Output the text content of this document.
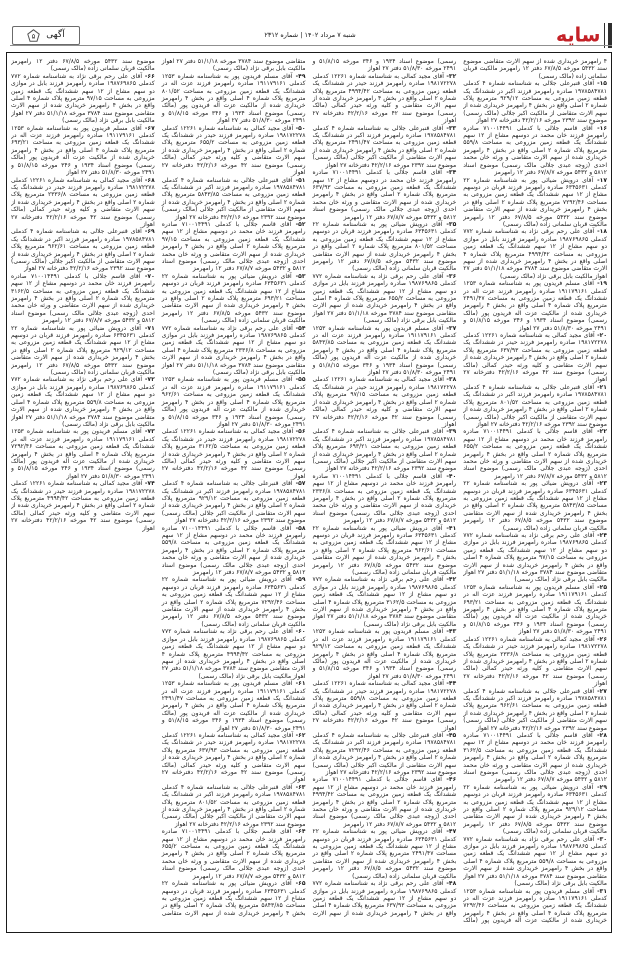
سایه
شنبه ۷ مرداد ۱۴۰۲ | شماره ۲۳۱۲
۵ آگهی

۴ رامهرمز خریداری شده از سهم الارث متقاضی موضوع سند ۵۴۳۲ مورخه ۶۷/۸/۵ دفتر ۱۲ رامهرمز مالکیت قربان سلمانی زاده (مالک رسمی)

۱۵- آقای قنبرعلی جلالی به شناسنامه شماره ۴ کدملی ۱۹۷۸۵۸۴۷۸۱ صادره رامهرمز فرزند اکبر در ششدانگ یک قطعه زمین مزروعی به مساحت ۹۲۹/۱۲ مترمربع پلاک شماره ۲ اصلی واقع در بخش ۴ رامهرمز خریداری شده از سهم الارث متقاضی از مالکیت اکبر جلالی (مالک رسمی) موضوع سند ۲۳۹۲ مورخه ۴۲/۲/۱۶ دفترخانه ۲۷ اهواز

۱۶- آقای قاسم جلالی با کدملی ۷۱۰۰۱۴۴۹۱ صادره رامهرمز فرزند خان محمد در دوسهم مشاع از ۱۲ سهم ششدانگ یک قطعه زمین مزروعی به مساحت ۵۵۹/۸ مترمربع پلاک شماره ۲ اصلی واقع در بخش ۴ رامهرمز خریداری شده از سهم الارث متقاضی و ورثه خان محمد احدی (زوجه عبدی جلالی مالک رسمی) موضوع اسناد ۵۸۱۲ و ۵۴۳۲ مورخه ۶۷/۸/۷ دفتر ۱۲ رامهرمز

۱۷- آقای درویش ضیائی پور به شناسنامه شماره ۲۲ کدملی ۶۳۴۵۶۳۱ صادره رامهرمز فرزند قربان در دوسهم مشاع از ۱۲ سهم ششدانگ یک قطعه زمین مزروعی به مساحت ۷۲۹۲/۴۶ مترمربع پلاک شماره ۲ اصلی واقع در بخش ۴ رامهرمز خریداری شده از سهم الارث متقاضی موضوع سند ۵۴۳۲ مورخه ۶۷/۸/۵ دفتر ۱۲ رامهرمز مالکیت قربان سلمانی زاده (مالک رسمی)

۱۸- آقای علی رحم برقی نژاد به شناسنامه شماره ۷۷۲ کدملی ۱۹۸۷۶۹۸۶۵ صادره رامهرمز فرزند بابل در موازی دو سهم مشاع از ۱۲ سهم ششدانگ یک قطعه زمین مزروعی به مساحت ۴۹۹۴/۴۲ مترمربع پلاک شماره ۴ اصلی واقع در بخش ۴ رامهرمز خریداری شده از سهم الارث متقاضی موضوع سند ۳۷۸۴ مورخه ۵۱/۱/۱۸ دفتر ۲۷ اهواز مالکیت بابل برقی نژاد (مالک رسمی)

۱۹- آقای مسلم فریدون پور به شناسنامه شماره ۱۲۵۳ کدملی ۱۹۱۱۷۹۱۶۱ صادره رامهرمز فرزند عزت اله در ششدانگ یک قطعه زمین مزروعی به مساحت ۲۴۹۱/۴۷ مترمربع پلاک شماره ۴ اصلی واقع در بخش ۴ رامهرمز خریداری شده از مالکیت عزت اله فریدون پور (مالک رسمی) موضوع اسناد ۱۹۳۴ و ۳۴۶ مورخه ۵۱/۸/۱۵ و ۲۴۹۱ مورخه ۵۱/۸/۳۰ دفتر ۲۷ اهواز

۲۰- آقای مجید کمالی به شناسنامه شماره ۱۲۲۶۱ کدملی ۱۹۸۱۷۲۲۷۸ صادره رامهرمز فرزند حیدر در ششدانگ یک قطعه زمین مزروعی به مساحت ۶۳۷/۹۳ مترمربع پلاک شماره ۲ اصلی واقع در بخش ۴ رامهرمز خریداری شده از سهم الارث متقاضی و کلیه ورثه حیدر کمالی (مالک رسمی) موضوع سند ۴۲ مورخه ۴۲/۲/۱۶ دفترخانه ۲۷ اهواز

۲۱- آقای قنبرعلی جلالی به شناسنامه شماره ۴ کدملی ۱۹۷۸۵۸۴۷۸۱ صادره رامهرمز فرزند اکبر در ششدانگ یک قطعه زمین مزروعی به مساحت ۸۰۱/۵۲ مترمربع پلاک شماره ۲ اصلی واقع در بخش ۴ رامهرمز خریداری شده از سهم الارث متقاضی از مالکیت اکبر جلالی (مالک رسمی) موضوع سند ۲۳۹۲ مورخه ۴۲/۲/۱۶ دفترخانه ۲۷ اهواز

۲۲- آقای قاسم جلالی با کدملی ۷۱۰۰۱۴۴۹۱ صادره رامهرمز فرزند خان محمد در دوسهم مشاع از ۱۲ سهم ششدانگ یک قطعه زمین مزروعی به مساحت ۶۵۵/۲ مترمربع پلاک شماره ۲ اصلی واقع در بخش ۴ رامهرمز خریداری شده از سهم الارث متقاضی و ورثه خان محمد احدی (زوجه عبدی جلالی مالک رسمی) موضوع اسناد ۵۸۱۲ و ۵۴۳۲ مورخه ۶۷/۸/۷ دفتر ۱۲ رامهرمز

۲۳- آقای درویش ضیائی پور به شناسنامه شماره ۲۲ کدملی ۶۳۴۵۶۳۱ صادره رامهرمز فرزند قربان در دوسهم مشاع از ۱۲ سهم ششدانگ یک قطعه زمین مزروعی به مساحت ۵۸۴۳/۸۵ مترمربع پلاک شماره ۲ اصلی واقع در بخش ۴ رامهرمز خریداری شده از سهم الارث متقاضی موضوع سند ۵۴۳۲ مورخه ۶۷/۸/۵ دفتر ۱۲ رامهرمز مالکیت قربان سلمانی زاده (مالک رسمی)

۲۴- آقای علی رحم برقی نژاد به شناسنامه شماره ۷۷۲ کدملی ۱۹۸۷۶۹۸۶۵ صادره رامهرمز فرزند بابل در موازی دو سهم مشاع از ۱۲ سهم ششدانگ یک قطعه زمین مزروعی به مساحت ۹۷/۱۵ مترمربع پلاک شماره ۴ اصلی واقع در بخش ۴ رامهرمز خریداری شده از سهم الارث متقاضی موضوع سند ۳۷۸۴ مورخه ۵۱/۱/۱۸ دفتر ۲۷ اهواز مالکیت بابل برقی نژاد (مالک رسمی)

۲۵- آقای مسلم فریدون پور به شناسنامه شماره ۱۲۵۳ کدملی ۱۹۱۱۷۹۱۶۱ صادره رامهرمز فرزند عزت اله در ششدانگ یک قطعه زمین مزروعی به مساحت ۶۹۳/۲۱ مترمربع پلاک شماره ۴ اصلی واقع در بخش ۴ رامهرمز خریداری شده از مالکیت عزت اله فریدون پور (مالک رسمی) موضوع اسناد ۱۹۳۴ و ۳۴۶ مورخه ۵۱/۸/۱۵ و ۲۴۹۱ مورخه ۵۱/۸/۳۰ دفتر ۲۷ اهواز

۲۶- آقای مجید کمالی به شناسنامه شماره ۱۲۲۶۱ کدملی ۱۹۸۱۷۲۲۷۸ صادره رامهرمز فرزند حیدر در ششدانگ یک قطعه زمین مزروعی به مساحت ۲۳۳۶/۸ مترمربع پلاک شماره ۲ اصلی واقع در بخش ۴ رامهرمز خریداری شده از سهم الارث متقاضی و کلیه ورثه حیدر کمالی (مالک رسمی) موضوع سند ۴۲ مورخه ۴۲/۲/۱۶ دفترخانه ۲۷ اهواز

۲۷- آقای قنبرعلی جلالی به شناسنامه شماره ۴ کدملی ۱۹۷۸۵۸۴۷۸۱ صادره رامهرمز فرزند اکبر در ششدانگ یک قطعه زمین مزروعی به مساحت ۹۶۲/۶۱ مترمربع پلاک شماره ۲ اصلی واقع در بخش ۴ رامهرمز خریداری شده از سهم الارث متقاضی از مالکیت اکبر جلالی (مالک رسمی) موضوع سند ۲۳۹۲ مورخه ۴۲/۲/۱۶ دفترخانه ۲۷ اهواز

۲۸- آقای قاسم جلالی با کدملی ۷۱۰۰۱۴۴۹۱ صادره رامهرمز فرزند خان محمد در دوسهم مشاع از ۱۲ سهم ششدانگ یک قطعه زمین مزروعی به مساحت ۳۱۶۲/۵ مترمربع پلاک شماره ۲ اصلی واقع در بخش ۴ رامهرمز خریداری شده از سهم الارث متقاضی و ورثه خان محمد احدی (زوجه عبدی جلالی مالک رسمی) موضوع اسناد ۵۸۱۲ و ۵۴۳۲ مورخه ۶۷/۸/۷ دفتر ۱۲ رامهرمز

۲۹- آقای درویش ضیائی پور به شناسنامه شماره ۲۲ کدملی ۶۳۴۵۶۳۱ صادره رامهرمز فرزند قربان در دوسهم مشاع از ۱۲ سهم ششدانگ یک قطعه زمین مزروعی به مساحت ۹۲۹/۱۲ مترمربع پلاک شماره ۲ اصلی واقع در بخش ۴ رامهرمز خریداری شده از سهم الارث متقاضی موضوع سند ۵۴۳۲ مورخه ۶۷/۸/۵ دفتر ۱۲ رامهرمز مالکیت قربان سلمانی زاده (مالک رسمی)

۳۰- آقای علی رحم برقی نژاد به شناسنامه شماره ۷۷۲ کدملی ۱۹۸۷۶۹۸۶۵ صادره رامهرمز فرزند بابل در موازی دو سهم مشاع از ۱۲ سهم ششدانگ یک قطعه زمین مزروعی به مساحت ۵۵۹/۸ مترمربع پلاک شماره ۴ اصلی واقع در بخش ۴ رامهرمز خریداری شده از سهم الارث متقاضی موضوع سند ۳۷۸۴ مورخه ۵۱/۱/۱۸ دفتر ۲۷ اهواز مالکیت بابل برقی نژاد (مالک رسمی)

۳۱- آقای مسلم فریدون پور به شناسنامه شماره ۱۲۵۳ کدملی ۱۹۱۱۷۹۱۶۱ صادره رامهرمز فرزند عزت اله در ششدانگ یک قطعه زمین مزروعی به مساحت ۷۲۹۲/۴۶ مترمربع پلاک شماره ۴ اصلی واقع در بخش ۴ رامهرمز خریداری شده از مالکیت عزت اله فریدون پور (مالک رسمی) موضوع اسناد ۱۹۳۴ و ۳۴۶ مورخه ۵۱/۸/۱۵ و ۲۴۹۱ مورخه ۵۱/۸/۳۰ دفتر ۲۷ اهواز

۳۲- آقای مجید کمالی به شناسنامه شماره ۱۲۲۶۱ کدملی ۱۹۸۱۷۲۲۷۸ صادره رامهرمز فرزند حیدر در ششدانگ یک قطعه زمین مزروعی به مساحت ۴۹۹۴/۴۲ مترمربع پلاک شماره ۲ اصلی واقع در بخش ۴ رامهرمز خریداری شده از سهم الارث متقاضی و کلیه ورثه حیدر کمالی (مالک رسمی) موضوع سند ۴۲ مورخه ۴۲/۲/۱۶ دفترخانه ۲۷ اهواز

۳۳- آقای قنبرعلی جلالی به شناسنامه شماره ۴ کدملی ۱۹۷۸۵۸۴۷۸۱ صادره رامهرمز فرزند اکبر در ششدانگ یک قطعه زمین مزروعی به مساحت ۲۴۹۱/۴۷ مترمربع پلاک شماره ۲ اصلی واقع در بخش ۴ رامهرمز خریداری شده از سهم الارث متقاضی از مالکیت اکبر جلالی (مالک رسمی) موضوع سند ۲۳۹۲ مورخه ۴۲/۲/۱۶ دفترخانه ۲۷ اهواز

۳۴- آقای قاسم جلالی با کدملی ۷۱۰۰۱۴۴۹۱ صادره رامهرمز فرزند خان محمد در دوسهم مشاع از ۱۲ سهم ششدانگ یک قطعه زمین مزروعی به مساحت ۶۳۷/۹۳ مترمربع پلاک شماره ۲ اصلی واقع در بخش ۴ رامهرمز خریداری شده از سهم الارث متقاضی و ورثه خان محمد احدی (زوجه عبدی جلالی مالک رسمی) موضوع اسناد ۵۸۱۲ و ۵۴۳۲ مورخه ۶۷/۸/۷ دفتر ۱۲ رامهرمز

۳۵- آقای درویش ضیائی پور به شناسنامه شماره ۲۲ کدملی ۶۳۴۵۶۳۱ صادره رامهرمز فرزند قربان در دوسهم مشاع از ۱۲ سهم ششدانگ یک قطعه زمین مزروعی به مساحت ۸۰۱/۵۲ مترمربع پلاک شماره ۲ اصلی واقع در بخش ۴ رامهرمز خریداری شده از سهم الارث متقاضی موضوع سند ۵۴۳۲ مورخه ۶۷/۸/۵ دفتر ۱۲ رامهرمز مالکیت قربان سلمانی زاده (مالک رسمی)

۳۶- آقای علی رحم برقی نژاد به شناسنامه شماره ۷۷۲ کدملی ۱۹۸۷۶۹۸۶۵ صادره رامهرمز فرزند بابل در موازی دو سهم مشاع از ۱۲ سهم ششدانگ یک قطعه زمین مزروعی به مساحت ۶۵۵/۲ مترمربع پلاک شماره ۴ اصلی واقع در بخش ۴ رامهرمز خریداری شده از سهم الارث متقاضی موضوع سند ۳۷۸۴ مورخه ۵۱/۱/۱۸ دفتر ۲۷ اهواز مالکیت بابل برقی نژاد (مالک رسمی)

۳۷- آقای مسلم فریدون پور به شناسنامه شماره ۱۲۵۳ کدملی ۱۹۱۱۷۹۱۶۱ صادره رامهرمز فرزند عزت اله در ششدانگ یک قطعه زمین مزروعی به مساحت ۵۸۴۳/۸۵ مترمربع پلاک شماره ۴ اصلی واقع در بخش ۴ رامهرمز خریداری شده از مالکیت عزت اله فریدون پور (مالک رسمی) موضوع اسناد ۱۹۳۴ و ۳۴۶ مورخه ۵۱/۸/۱۵ و ۲۴۹۱ مورخه ۵۱/۸/۳۰ دفتر ۲۷ اهواز

۳۸- آقای مجید کمالی به شناسنامه شماره ۱۲۲۶۱ کدملی ۱۹۸۱۷۲۲۷۸ صادره رامهرمز فرزند حیدر در ششدانگ یک قطعه زمین مزروعی به مساحت ۹۷/۱۵ مترمربع پلاک شماره ۲ اصلی واقع در بخش ۴ رامهرمز خریداری شده از سهم الارث متقاضی و کلیه ورثه حیدر کمالی (مالک رسمی) موضوع سند ۴۲ مورخه ۴۲/۲/۱۶ دفترخانه ۲۷ اهواز

۳۹- آقای قنبرعلی جلالی به شناسنامه شماره ۴ کدملی ۱۹۷۸۵۸۴۷۸۱ صادره رامهرمز فرزند اکبر در ششدانگ یک قطعه زمین مزروعی به مساحت ۶۹۳/۲۱ مترمربع پلاک شماره ۲ اصلی واقع در بخش ۴ رامهرمز خریداری شده از سهم الارث متقاضی از مالکیت اکبر جلالی (مالک رسمی) موضوع سند ۲۳۹۲ مورخه ۴۲/۲/۱۶ دفترخانه ۲۷ اهواز

۴۰- آقای قاسم جلالی با کدملی ۷۱۰۰۱۴۴۹۱ صادره رامهرمز فرزند خان محمد در دوسهم مشاع از ۱۲ سهم ششدانگ یک قطعه زمین مزروعی به مساحت ۲۳۳۶/۸ مترمربع پلاک شماره ۲ اصلی واقع در بخش ۴ رامهرمز خریداری شده از سهم الارث متقاضی و ورثه خان محمد احدی (زوجه عبدی جلالی مالک رسمی) موضوع اسناد ۵۸۱۲ و ۵۴۳۲ مورخه ۶۷/۸/۷ دفتر ۱۲ رامهرمز

۴۱- آقای درویش ضیائی پور به شناسنامه شماره ۲۲ کدملی ۶۳۴۵۶۳۱ صادره رامهرمز فرزند قربان در دوسهم مشاع از ۱۲ سهم ششدانگ یک قطعه زمین مزروعی به مساحت ۹۶۲/۶۱ مترمربع پلاک شماره ۲ اصلی واقع در بخش ۴ رامهرمز خریداری شده از سهم الارث متقاضی موضوع سند ۵۴۳۲ مورخه ۶۷/۸/۵ دفتر ۱۲ رامهرمز مالکیت قربان سلمانی زاده (مالک رسمی)

۴۲- آقای علی رحم برقی نژاد به شناسنامه شماره ۷۷۲ کدملی ۱۹۸۷۶۹۸۶۵ صادره رامهرمز فرزند بابل در موازی دو سهم مشاع از ۱۲ سهم ششدانگ یک قطعه زمین مزروعی به مساحت ۳۱۶۲/۵ مترمربع پلاک شماره ۴ اصلی واقع در بخش ۴ رامهرمز خریداری شده از سهم الارث متقاضی موضوع سند ۳۷۸۴ مورخه ۵۱/۱/۱۸ دفتر ۲۷ اهواز مالکیت بابل برقی نژاد (مالک رسمی)

۴۳- آقای مسلم فریدون پور به شناسنامه شماره ۱۲۵۳ کدملی ۱۹۱۱۷۹۱۶۱ صادره رامهرمز فرزند عزت اله در ششدانگ یک قطعه زمین مزروعی به مساحت ۹۲۹/۱۲ مترمربع پلاک شماره ۴ اصلی واقع در بخش ۴ رامهرمز خریداری شده از مالکیت عزت اله فریدون پور (مالک رسمی) موضوع اسناد ۱۹۳۴ و ۳۴۶ مورخه ۵۱/۸/۱۵ و ۲۴۹۱ مورخه ۵۱/۸/۳۰ دفتر ۲۷ اهواز

۴۴- آقای مجید کمالی به شناسنامه شماره ۱۲۲۶۱ کدملی ۱۹۸۱۷۲۲۷۸ صادره رامهرمز فرزند حیدر در ششدانگ یک قطعه زمین مزروعی به مساحت ۵۵۹/۸ مترمربع پلاک شماره ۲ اصلی واقع در بخش ۴ رامهرمز خریداری شده از سهم الارث متقاضی و کلیه ورثه حیدر کمالی (مالک رسمی) موضوع سند ۴۲ مورخه ۴۲/۲/۱۶ دفترخانه ۲۷ اهواز

۴۵- آقای قنبرعلی جلالی به شناسنامه شماره ۴ کدملی ۱۹۷۸۵۸۴۷۸۱ صادره رامهرمز فرزند اکبر در ششدانگ یک قطعه زمین مزروعی به مساحت ۷۲۹۲/۴۶ مترمربع پلاک شماره ۲ اصلی واقع در بخش ۴ رامهرمز خریداری شده از سهم الارث متقاضی از مالکیت اکبر جلالی (مالک رسمی) موضوع سند ۲۳۹۲ مورخه ۴۲/۲/۱۶ دفترخانه ۲۷ اهواز

۴۶- آقای قاسم جلالی با کدملی ۷۱۰۰۱۴۴۹۱ صادره رامهرمز فرزند خان محمد در دوسهم مشاع از ۱۲ سهم ششدانگ یک قطعه زمین مزروعی به مساحت ۴۹۹۴/۴۲ مترمربع پلاک شماره ۲ اصلی واقع در بخش ۴ رامهرمز خریداری شده از سهم الارث متقاضی و ورثه خان محمد احدی (زوجه عبدی جلالی مالک رسمی) موضوع اسناد ۵۸۱۲ و ۵۴۳۲ مورخه ۶۷/۸/۷ دفتر ۱۲ رامهرمز

۴۷- آقای درویش ضیائی پور به شناسنامه شماره ۲۲ کدملی ۶۳۴۵۶۳۱ صادره رامهرمز فرزند قربان در دوسهم مشاع از ۱۲ سهم ششدانگ یک قطعه زمین مزروعی به مساحت ۲۴۹۱/۴۷ مترمربع پلاک شماره ۲ اصلی واقع در بخش ۴ رامهرمز خریداری شده از سهم الارث متقاضی موضوع سند ۵۴۳۲ مورخه ۶۷/۸/۵ دفتر ۱۲ رامهرمز مالکیت قربان سلمانی زاده (مالک رسمی)

۴۸- آقای علی رحم برقی نژاد به شناسنامه شماره ۷۷۲ کدملی ۱۹۸۷۶۹۸۶۵ صادره رامهرمز فرزند بابل در موازی دو سهم مشاع از ۱۲ سهم ششدانگ یک قطعه زمین مزروعی به مساحت ۶۳۷/۹۳ مترمربع پلاک شماره ۴ اصلی واقع در بخش ۴ رامهرمز خریداری شده از سهم الارث متقاضی موضوع سند ۳۷۸۴ مورخه ۵۱/۱/۱۸ دفتر ۲۷ اهواز مالکیت بابل برقی نژاد (مالک رسمی)

۴۹- آقای مسلم فریدون پور به شناسنامه شماره ۱۲۵۳ کدملی ۱۹۱۱۷۹۱۶۱ صادره رامهرمز فرزند عزت اله در ششدانگ یک قطعه زمین مزروعی به مساحت ۸۰۱/۵۲ مترمربع پلاک شماره ۴ اصلی واقع در بخش ۴ رامهرمز خریداری شده از مالکیت عزت اله فریدون پور (مالک رسمی) موضوع اسناد ۱۹۳۴ و ۳۴۶ مورخه ۵۱/۸/۱۵ و ۲۴۹۱ مورخه ۵۱/۸/۳۰ دفتر ۲۷ اهواز

۵۰- آقای مجید کمالی به شناسنامه شماره ۱۲۲۶۱ کدملی ۱۹۸۱۷۲۲۷۸ صادره رامهرمز فرزند حیدر در ششدانگ یک قطعه زمین مزروعی به مساحت ۶۵۵/۲ مترمربع پلاک شماره ۲ اصلی واقع در بخش ۴ رامهرمز خریداری شده از سهم الارث متقاضی و کلیه ورثه حیدر کمالی (مالک رسمی) موضوع سند ۴۲ مورخه ۴۲/۲/۱۶ دفترخانه ۲۷ اهواز

۵۱- آقای قنبرعلی جلالی به شناسنامه شماره ۴ کدملی ۱۹۷۸۵۸۴۷۸۱ صادره رامهرمز فرزند اکبر در ششدانگ یک قطعه زمین مزروعی به مساحت ۵۸۴۳/۸۵ مترمربع پلاک شماره ۲ اصلی واقع در بخش ۴ رامهرمز خریداری شده از سهم الارث متقاضی از مالکیت اکبر جلالی (مالک رسمی) موضوع سند ۲۳۹۲ مورخه ۴۲/۲/۱۶ دفترخانه ۲۷ اهواز

۵۲- آقای قاسم جلالی با کدملی ۷۱۰۰۱۴۴۹۱ صادره رامهرمز فرزند خان محمد در دوسهم مشاع از ۱۲ سهم ششدانگ یک قطعه زمین مزروعی به مساحت ۹۷/۱۵ مترمربع پلاک شماره ۲ اصلی واقع در بخش ۴ رامهرمز خریداری شده از سهم الارث متقاضی و ورثه خان محمد احدی (زوجه عبدی جلالی مالک رسمی) موضوع اسناد ۵۸۱۲ و ۵۴۳۲ مورخه ۶۷/۸/۷ دفتر ۱۲ رامهرمز

۵۳- آقای درویش ضیائی پور به شناسنامه شماره ۲۲ کدملی ۶۳۴۵۶۳۱ صادره رامهرمز فرزند قربان در دوسهم مشاع از ۱۲ سهم ششدانگ یک قطعه زمین مزروعی به مساحت ۶۹۳/۲۱ مترمربع پلاک شماره ۲ اصلی واقع در بخش ۴ رامهرمز خریداری شده از سهم الارث متقاضی موضوع سند ۵۴۳۲ مورخه ۶۷/۸/۵ دفتر ۱۲ رامهرمز مالکیت قربان سلمانی زاده (مالک رسمی)

۵۴- آقای علی رحم برقی نژاد به شناسنامه شماره ۷۷۲ کدملی ۱۹۸۷۶۹۸۶۵ صادره رامهرمز فرزند بابل در موازی دو سهم مشاع از ۱۲ سهم ششدانگ یک قطعه زمین مزروعی به مساحت ۲۳۳۶/۸ مترمربع پلاک شماره ۴ اصلی واقع در بخش ۴ رامهرمز خریداری شده از سهم الارث متقاضی موضوع سند ۳۷۸۴ مورخه ۵۱/۱/۱۸ دفتر ۲۷ اهواز مالکیت بابل برقی نژاد (مالک رسمی)

۵۵- آقای مسلم فریدون پور به شناسنامه شماره ۱۲۵۳ کدملی ۱۹۱۱۷۹۱۶۱ صادره رامهرمز فرزند عزت اله در ششدانگ یک قطعه زمین مزروعی به مساحت ۹۶۲/۶۱ مترمربع پلاک شماره ۴ اصلی واقع در بخش ۴ رامهرمز خریداری شده از مالکیت عزت اله فریدون پور (مالک رسمی) موضوع اسناد ۱۹۳۴ و ۳۴۶ مورخه ۵۱/۸/۱۵ و ۲۴۹۱ مورخه ۵۱/۸/۳۰ دفتر ۲۷ اهواز

۵۶- آقای مجید کمالی به شناسنامه شماره ۱۲۲۶۱ کدملی ۱۹۸۱۷۲۲۷۸ صادره رامهرمز فرزند حیدر در ششدانگ یک قطعه زمین مزروعی به مساحت ۳۱۶۲/۵ مترمربع پلاک شماره ۲ اصلی واقع در بخش ۴ رامهرمز خریداری شده از سهم الارث متقاضی و کلیه ورثه حیدر کمالی (مالک رسمی) موضوع سند ۴۲ مورخه ۴۲/۲/۱۶ دفترخانه ۲۷ اهواز

۵۷- آقای قنبرعلی جلالی به شناسنامه شماره ۴ کدملی ۱۹۷۸۵۸۴۷۸۱ صادره رامهرمز فرزند اکبر در ششدانگ یک قطعه زمین مزروعی به مساحت ۹۲۹/۱۲ مترمربع پلاک شماره ۲ اصلی واقع در بخش ۴ رامهرمز خریداری شده از سهم الارث متقاضی از مالکیت اکبر جلالی (مالک رسمی) موضوع سند ۲۳۹۲ مورخه ۴۲/۲/۱۶ دفترخانه ۲۷ اهواز

۵۸- آقای قاسم جلالی با کدملی ۷۱۰۰۱۴۴۹۱ صادره رامهرمز فرزند خان محمد در دوسهم مشاع از ۱۲ سهم ششدانگ یک قطعه زمین مزروعی به مساحت ۵۵۹/۸ مترمربع پلاک شماره ۲ اصلی واقع در بخش ۴ رامهرمز خریداری شده از سهم الارث متقاضی و ورثه خان محمد احدی (زوجه عبدی جلالی مالک رسمی) موضوع اسناد ۵۸۱۲ و ۵۴۳۲ مورخه ۶۷/۸/۷ دفتر ۱۲ رامهرمز

۵۹- آقای درویش ضیائی پور به شناسنامه شماره ۲۲ کدملی ۶۳۴۵۶۳۱ صادره رامهرمز فرزند قربان در دوسهم مشاع از ۱۲ سهم ششدانگ یک قطعه زمین مزروعی به مساحت ۷۲۹۲/۴۶ مترمربع پلاک شماره ۲ اصلی واقع در بخش ۴ رامهرمز خریداری شده از سهم الارث متقاضی موضوع سند ۵۴۳۲ مورخه ۶۷/۸/۵ دفتر ۱۲ رامهرمز مالکیت قربان سلمانی زاده (مالک رسمی)

۶۰- آقای علی رحم برقی نژاد به شناسنامه شماره ۷۷۲ کدملی ۱۹۸۷۶۹۸۶۵ صادره رامهرمز فرزند بابل در موازی دو سهم مشاع از ۱۲ سهم ششدانگ یک قطعه زمین مزروعی به مساحت ۴۹۹۴/۴۲ مترمربع پلاک شماره ۴ اصلی واقع در بخش ۴ رامهرمز خریداری شده از سهم الارث متقاضی موضوع سند ۳۷۸۴ مورخه ۵۱/۱/۱۸ دفتر ۲۷ اهواز مالکیت بابل برقی نژاد (مالک رسمی)

۶۱- آقای مسلم فریدون پور به شناسنامه شماره ۱۲۵۳ کدملی ۱۹۱۱۷۹۱۶۱ صادره رامهرمز فرزند عزت اله در ششدانگ یک قطعه زمین مزروعی به مساحت ۲۴۹۱/۴۷ مترمربع پلاک شماره ۴ اصلی واقع در بخش ۴ رامهرمز خریداری شده از مالکیت عزت اله فریدون پور (مالک رسمی) موضوع اسناد ۱۹۳۴ و ۳۴۶ مورخه ۵۱/۸/۱۵ و ۲۴۹۱ مورخه ۵۱/۸/۳۰ دفتر ۲۷ اهواز

۶۲- آقای مجید کمالی به شناسنامه شماره ۱۲۲۶۱ کدملی ۱۹۸۱۷۲۲۷۸ صادره رامهرمز فرزند حیدر در ششدانگ یک قطعه زمین مزروعی به مساحت ۶۳۷/۹۳ مترمربع پلاک شماره ۲ اصلی واقع در بخش ۴ رامهرمز خریداری شده از سهم الارث متقاضی و کلیه ورثه حیدر کمالی (مالک رسمی) موضوع سند ۴۲ مورخه ۴۲/۲/۱۶ دفترخانه ۲۷ اهواز

۶۳- آقای قنبرعلی جلالی به شناسنامه شماره ۴ کدملی ۱۹۷۸۵۸۴۷۸۱ صادره رامهرمز فرزند اکبر در ششدانگ یک قطعه زمین مزروعی به مساحت ۸۰۱/۵۲ مترمربع پلاک شماره ۲ اصلی واقع در بخش ۴ رامهرمز خریداری شده از سهم الارث متقاضی از مالکیت اکبر جلالی (مالک رسمی) موضوع سند ۲۳۹۲ مورخه ۴۲/۲/۱۶ دفترخانه ۲۷ اهواز

۶۴- آقای قاسم جلالی با کدملی ۷۱۰۰۱۴۴۹۱ صادره رامهرمز فرزند خان محمد در دوسهم مشاع از ۱۲ سهم ششدانگ یک قطعه زمین مزروعی به مساحت ۶۵۵/۲ مترمربع پلاک شماره ۲ اصلی واقع در بخش ۴ رامهرمز خریداری شده از سهم الارث متقاضی و ورثه خان محمد احدی (زوجه عبدی جلالی مالک رسمی) موضوع اسناد ۵۸۱۲ و ۵۴۳۲ مورخه ۶۷/۸/۷ دفتر ۱۲ رامهرمز

۶۵- آقای درویش ضیائی پور به شناسنامه شماره ۲۲ کدملی ۶۳۴۵۶۳۱ صادره رامهرمز فرزند قربان در دوسهم مشاع از ۱۲ سهم ششدانگ یک قطعه زمین مزروعی به مساحت ۵۸۴۳/۸۵ مترمربع پلاک شماره ۲ اصلی واقع در بخش ۴ رامهرمز خریداری شده از سهم الارث متقاضی موضوع سند ۵۴۳۲ مورخه ۶۷/۸/۵ دفتر ۱۲ رامهرمز مالکیت قربان سلمانی زاده (مالک رسمی)

۶۶- آقای علی رحم برقی نژاد به شناسنامه شماره ۷۷۲ کدملی ۱۹۸۷۶۹۸۶۵ صادره رامهرمز فرزند بابل در موازی دو سهم مشاع از ۱۲ سهم ششدانگ یک قطعه زمین مزروعی به مساحت ۹۷/۱۵ مترمربع پلاک شماره ۴ اصلی واقع در بخش ۴ رامهرمز خریداری شده از سهم الارث متقاضی موضوع سند ۳۷۸۴ مورخه ۵۱/۱/۱۸ دفتر ۲۷ اهواز مالکیت بابل برقی نژاد (مالک رسمی)

۶۷- آقای مسلم فریدون پور به شناسنامه شماره ۱۲۵۳ کدملی ۱۹۱۱۷۹۱۶۱ صادره رامهرمز فرزند عزت اله در ششدانگ یک قطعه زمین مزروعی به مساحت ۶۹۳/۲۱ مترمربع پلاک شماره ۴ اصلی واقع در بخش ۴ رامهرمز خریداری شده از مالکیت عزت اله فریدون پور (مالک رسمی) موضوع اسناد ۱۹۳۴ و ۳۴۶ مورخه ۵۱/۸/۱۵ و ۲۴۹۱ مورخه ۵۱/۸/۳۰ دفتر ۲۷ اهواز

۶۸- آقای مجید کمالی به شناسنامه شماره ۱۲۲۶۱ کدملی ۱۹۸۱۷۲۲۷۸ صادره رامهرمز فرزند حیدر در ششدانگ یک قطعه زمین مزروعی به مساحت ۲۳۳۶/۸ مترمربع پلاک شماره ۲ اصلی واقع در بخش ۴ رامهرمز خریداری شده از سهم الارث متقاضی و کلیه ورثه حیدر کمالی (مالک رسمی) موضوع سند ۴۲ مورخه ۴۲/۲/۱۶ دفترخانه ۲۷ اهواز

۶۹- آقای قنبرعلی جلالی به شناسنامه شماره ۴ کدملی ۱۹۷۸۵۸۴۷۸۱ صادره رامهرمز فرزند اکبر در ششدانگ یک قطعه زمین مزروعی به مساحت ۹۶۲/۶۱ مترمربع پلاک شماره ۲ اصلی واقع در بخش ۴ رامهرمز خریداری شده از سهم الارث متقاضی از مالکیت اکبر جلالی (مالک رسمی) موضوع سند ۲۳۹۲ مورخه ۴۲/۲/۱۶ دفترخانه ۲۷ اهواز

۷۰- آقای قاسم جلالی با کدملی ۷۱۰۰۱۴۴۹۱ صادره رامهرمز فرزند خان محمد در دوسهم مشاع از ۱۲ سهم ششدانگ یک قطعه زمین مزروعی به مساحت ۳۱۶۲/۵ مترمربع پلاک شماره ۲ اصلی واقع در بخش ۴ رامهرمز خریداری شده از سهم الارث متقاضی و ورثه خان محمد احدی (زوجه عبدی جلالی مالک رسمی) موضوع اسناد ۵۸۱۲ و ۵۴۳۲ مورخه ۶۷/۸/۷ دفتر ۱۲ رامهرمز

۷۱- آقای درویش ضیائی پور به شناسنامه شماره ۲۲ کدملی ۶۳۴۵۶۳۱ صادره رامهرمز فرزند قربان در دوسهم مشاع از ۱۲ سهم ششدانگ یک قطعه زمین مزروعی به مساحت ۹۲۹/۱۲ مترمربع پلاک شماره ۲ اصلی واقع در بخش ۴ رامهرمز خریداری شده از سهم الارث متقاضی موضوع سند ۵۴۳۲ مورخه ۶۷/۸/۵ دفتر ۱۲ رامهرمز مالکیت قربان سلمانی زاده (مالک رسمی)

۷۲- آقای علی رحم برقی نژاد به شناسنامه شماره ۷۷۲ کدملی ۱۹۸۷۶۹۸۶۵ صادره رامهرمز فرزند بابل در موازی دو سهم مشاع از ۱۲ سهم ششدانگ یک قطعه زمین مزروعی به مساحت ۵۵۹/۸ مترمربع پلاک شماره ۴ اصلی واقع در بخش ۴ رامهرمز خریداری شده از سهم الارث متقاضی موضوع سند ۳۷۸۴ مورخه ۵۱/۱/۱۸ دفتر ۲۷ اهواز مالکیت بابل برقی نژاد (مالک رسمی)

۷۳- آقای مسلم فریدون پور به شناسنامه شماره ۱۲۵۳ کدملی ۱۹۱۱۷۹۱۶۱ صادره رامهرمز فرزند عزت اله در ششدانگ یک قطعه زمین مزروعی به مساحت ۷۲۹۲/۴۶ مترمربع پلاک شماره ۴ اصلی واقع در بخش ۴ رامهرمز خریداری شده از مالکیت عزت اله فریدون پور (مالک رسمی) موضوع اسناد ۱۹۳۴ و ۳۴۶ مورخه ۵۱/۸/۱۵ و ۲۴۹۱ مورخه ۵۱/۸/۳۰ دفتر ۲۷ اهواز

۷۴- آقای مجید کمالی به شناسنامه شماره ۱۲۲۶۱ کدملی ۱۹۸۱۷۲۲۷۸ صادره رامهرمز فرزند حیدر در ششدانگ یک قطعه زمین مزروعی به مساحت ۴۹۹۴/۴۲ مترمربع پلاک شماره ۲ اصلی واقع در بخش ۴ رامهرمز خریداری شده از سهم الارث متقاضی و کلیه ورثه حیدر کمالی (مالک رسمی) موضوع سند ۴۲ مورخه ۴۲/۲/۱۶ دفترخانه ۲۷ اهواز
